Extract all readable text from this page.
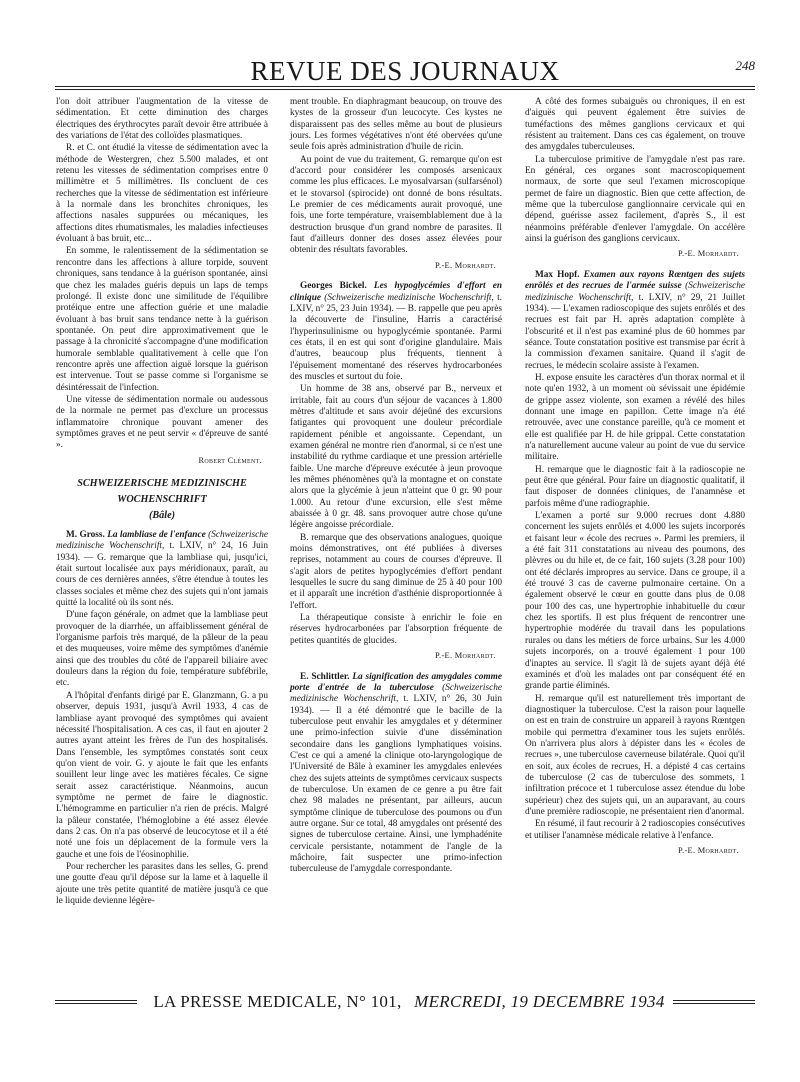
REVUE DES JOURNAUX	248

l'on doit attribuer l'augmentation de la vitesse de sédimentation. Et cette diminution des charges électriques des érythrocytes paraît devoir être attribuée à des variations de l'état des colloïdes plasmatiques.

R. et C. ont étudié la vitesse de sédimentation avec la méthode de Westergren, chez 5.500 malades, et ont retenu les vitesses de sédimentation comprises entre 0 millimètre et 5 millimètres. Ils concluent de ces recherches que la vitesse de sédimentation est inférieure à la normale dans les bronchites chroniques, les affections nasales suppurées ou mécaniques, les affections dites rhumatismales, les maladies infectieuses évoluant à bas bruit, etc...

En somme, le ralentissement de la sédimentation se rencontre dans les affections à allure torpide, souvent chroniques, sans tendance à la guérison spontanée, ainsi que chez les malades guéris depuis un laps de temps prolongé. Il existe donc une similitude de l'équilibre protéique entre une affection guérie et une maladie évoluant à bas bruit sans tendance nette à la guérison spontanée. On peut dire approximativement que le passage à la chronicité s'accompagne d'une modification humorale semblable qualitativement à celle que l'on rencontre après une affection aiguë lorsque la guérison est intervenue. Tout se passe comme si l'organisme se désintéressait de l'infection.

Une vitesse de sédimentation normale ou audessous de la normale ne permet pas d'exclure un processus inflammatoire chronique pouvant amener des symptômes graves et ne peut servir « d'épreuve de santé ».

Robert Clément.

SCHWEIZERISCHE MEDIZINISCHE
WOCHENSCHRIFT
(Bâle)

M. Gross. La lambliase de l'enfance (Schweizerische medizinische Wochenschrift, t. LXIV, n° 24, 16 Juin 1934). — G. remarque que la lambliase qui, jusqu'ici, était surtout localisée aux pays méridionaux, paraît, au cours de ces dernières années, s'être étendue à toutes les classes sociales et même chez des sujets qui n'ont jamais quitté la localité où ils sont nés.

D'une façon générale, on admet que la lambliase peut provoquer de la diarrhée, un affaiblissement général de l'organisme parfois très marqué, de la pâleur de la peau et des muqueuses, voire même des symptômes d'anémie ainsi que des troubles du côté de l'appareil biliaire avec douleurs dans la région du foie, température subfébrile, etc.

A l'hôpital d'enfants dirigé par E. Glanzmann, G. a pu observer, depuis 1931, jusqu'à Avril 1933, 4 cas de lambliase ayant provoqué des symptômes qui avaient nécessité l'hospitalisation. A ces cas, il faut en ajouter 2 autres ayant atteint les frères de l'un des hospitalisés. Dans l'ensemble, les symptômes constatés sont ceux qu'on vient de voir. G. y ajoute le fait que les enfants souillent leur linge avec les matières fécales. Ce signe serait assez caractéristique. Néanmoins, aucun symptôme ne permet de faire le diagnostic. L'hémogramme en particulier n'a rien de précis. Malgré la pâleur constatée, l'hémoglobine a été assez élevée dans 2 cas. On n'a pas observé de leucocytose et il a été noté une fois un déplacement de la formule vers la gauche et une fois de l'éosinophilie.

Pour rechercher les parasites dans les selles, G. prend une goutte d'eau qu'il dépose sur la lame et à laquelle il ajoute une très petite quantité de matière jusqu'à ce que le liquide devienne légère-

ment trouble. En diaphragmant beaucoup, on trouve des kystes de la grosseur d'un leucocyte. Ces kystes ne disparaissent pas des selles même au bout de plusieurs jours. Les formes végétatives n'ont été obervées qu'une seule fois après administration d'huile de ricin.

Au point de vue du traitement, G. remarque qu'on est d'accord pour considérer les composés arsenicaux comme les plus efficaces. Le myosalvarsan (sulfarsénol) et le stovarsol (spirocide) ont donné de bons résultats. Le premier de ces médicaments aurait provoqué, une fois, une forte température, vraisemblablement due à la destruction brusque d'un grand nombre de parasites. Il faut d'ailleurs donner des doses assez élevées pour obtenir des résultats favorables.

P.-E. Morhardt.

Georges Bickel. Les hypoglycémies d'effort en clinique (Schweizerische medizinische Wochenschrift, t. LXIV, n° 25, 23 Juin 1934). — B. rappelle que peu après la découverte de l'insuline, Harris a caractérisé l'hyperinsulinisme ou hypoglycémie spontanée. Parmi ces états, il en est qui sont d'origine glandulaire. Mais d'autres, beaucoup plus fréquents, tiennent à l'épuisement momentané des réserves hydrocarbonées des muscles et surtout du foie.

Un homme de 38 ans, observé par B., nerveux et irritable, fait au cours d'un séjour de vacances à 1.800 mètres d'altitude et sans avoir déjeûné des excursions fatigantes qui provoquent une douleur précordiale rapidement pénible et angoissante. Cependant, un examen général ne montre rien d'anormal, si ce n'est une instabilité du rythme cardiaque et une pression artérielle faible. Une marche d'épreuve exécutée à jeun provoque les mêmes phénomènes qu'à la montagne et on constate alors que la glycémie à jeun n'atteint que 0 gr. 90 pour 1.000. Au retour d'une excursion, elle s'est même abaissée à 0 gr. 48. sans provoquer autre chose qu'une légère angoisse précordiale.

B. remarque que des observations analogues, quoique moins démonstratives, ont été publiées à diverses reprises, notamment au cours de courses d'épreuve. Il s'agit alors de petites hypoglycémies d'effort pendant lesquelles le sucre du sang diminue de 25 à 40 pour 100 et il apparaît une incrétion d'asthénie disproportionnée à l'effort.

La thérapeutique consiste à enrichir le foie en réserves hydrocarbonées par l'absorption fréquente de petites quantités de glucides.

P.-E. Morhardt.

E. Schlittler. La signification des amygdales comme porte d'entrée de la tuberculose (Schweizerische medizinische Wochenschrift, t. LXIV, n° 26, 30 Juin 1934). — Il a été démontré que le bacille de la tuberculose peut envahir les amygdales et y déterminer une primo-infection suivie d'une dissémination secondaire dans les ganglions lymphatiques voisins. C'est ce qui a amené la clinique oto-laryngologique de l'Université de Bâle à examiner les amygdales enlevées chez des sujets atteints de symptômes cervicaux suspects de tuberculose. Un examen de ce genre a pu être fait chez 98 malades ne présentant, par ailleurs, aucun symptôme clinique de tuberculose des poumons ou d'un autre organe. Sur ce total, 48 amygdales ont présenté des signes de tuberculose certaine. Ainsi, une lymphadénite cervicale persistante, notamment de l'angle de la mâchoire, fait suspecter une primo-infection tuberculeuse de l'amygdale correspondante.

A côté des formes subaiguës ou chroniques, il en est d'aiguës qui peuvent également être suivies de tuméfactions des mêmes ganglions cervicaux et qui résistent au traitement. Dans ces cas également, on trouve des amygdales tuberculeuses.

La tuberculose primitive de l'amygdale n'est pas rare. En général, ces organes sont macroscopiquement normaux, de sorte que seul l'examen microscopique permet de faire un diagnostic. Bien que cette affection, de même que la tuberculose ganglionnaire cervicale qui en dépend, guérisse assez facilement, d'après S., il est néanmoins préférable d'enlever l'amygdale. On accélère ainsi la guérison des ganglions cervicaux.

P.-E. Morhardt.

Max Hopf. Examen aux rayons Rœntgen des sujets enrôlés et des recrues de l'armée suisse (Schweizerische medizinische Wochenschrift, t. LXIV, n° 29, 21 Juillet 1934). — L'examen radioscopique des sujets enrôlés et des recrues est fait par H. après adaptation complète à l'obscurité et il n'est pas examiné plus de 60 hommes par séance. Toute constatation positive est transmise par écrit à la commission d'examen sanitaire. Quand il s'agit de recrues, le médecin scolaire assiste à l'examen.

H. expose ensuite les caractères d'un thorax normal et il note qu'en 1932, à un moment où sévissait une épidémie de grippe assez violente, son examen a révélé des hiles donnant une image en papillon. Cette image n'a été retrouvée, avec une constance pareille, qu'à ce moment et elle est qualifiée par H. de hile grippal. Cette constatation n'a naturellement aucune valeur au point de vue du service militaire.

H. remarque que le diagnostic fait à la radioscopie ne peut être que général. Pour faire un diagnostic qualitatif, il faut disposer de données cliniques, de l'anamnèse et parfois même d'une radiographie.

L'examen a porté sur 9.000 recrues dont 4.880 concernent les sujets enrôlés et 4.000 les sujets incorporés et faisant leur « école des recrues ». Parmi les premiers, il a été fait 311 constatations au niveau des poumons, des plèvres ou du hile et, de ce fait, 160 sujets (3.28 pour 100) ont été déclarés impropres au service. Dans ce groupe, il a été trouvé 3 cas de caverne pulmonaire certaine. On a également observé le cœur en goutte dans plus de 0.08 pour 100 des cas, une hypertrophie inhabituelle du cœur chez les sportifs. Il est plus fréquent de rencontrer une hypertrophie modérée du travail dans les populations rurales ou dans les métiers de force urbains. Sur les 4.000 sujets incorporés, on a trouvé également 1 pour 100 d'inaptes au service. Il s'agit là de sujets ayant déjà été examinés et d'où les malades ont par conséquent été en grande partie éliminés.

H. remarque qu'il est naturellement très important de diagnostiquer la tuberculose. C'est la raison pour laquelle on est en train de construire un appareil à rayons Rœntgen mobile qui permettra d'examiner tous les sujets enrôlés. On n'arrivera plus alors à dépister dans les « écoles de recrues », une tuberculose caverneuse bilatérale. Quoi qu'il en soit, aux écoles de recrues, H. a dépisté 4 cas certains de tuberculose (2 cas de tuberculose des sommets, 1 infiltration précoce et 1 tuberculose assez étendue du lobe supérieur) chez des sujets qui, un an auparavant, au cours d'une première radioscopie, ne présentaient rien d'anormal.

En résumé, il faut recourir à 2 radioscopies consécutives et utiliser l'anamnèse médicale relative à l'enfance.

P.-E. Morhardt.

LA PRESSE MEDICALE, N° 101, MERCREDI, 19 DECEMBRE 1934
